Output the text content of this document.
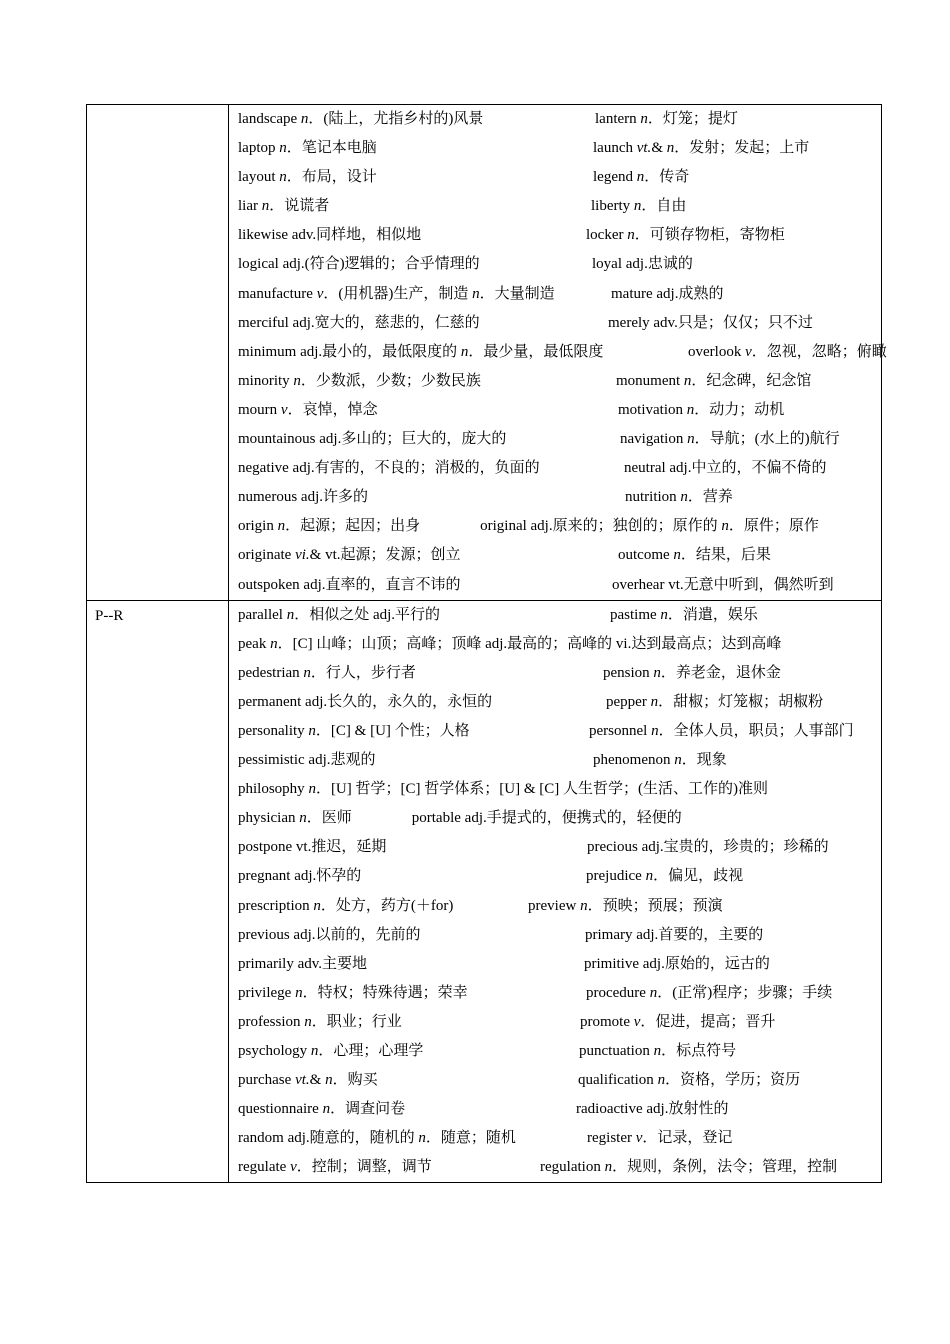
landscape n．(陆上，尤指乡村的)风景	lantern n．灯笼；提灯
laptop n．笔记本电脑	launch vt.& n．发射；发起；上市
layout n．布局，设计	legend n．传奇
liar n．说谎者	liberty n．自由
likewise adv.同样地，相似地	locker n．可锁存物柜，寄物柜
logical adj.(符合)逻辑的；合乎情理的	loyal adj.忠诚的
manufacture v．(用机器)生产，制造 n．大量制造	mature adj.成熟的
merciful adj.宽大的，慈悲的，仁慈的	merely adv.只是；仅仅；只不过
minimum adj.最小的，最低限度的 n．最少量，最低限度	overlook v．忽视，忽略；俯瞰
minority n．少数派，少数；少数民族	monument n．纪念碑，纪念馆
mourn v．哀悼，悼念	motivation n．动力；动机
mountainous adj.多山的；巨大的，庞大的	navigation n．导航；(水上的)航行
negative adj.有害的，不良的；消极的，负面的	neutral adj.中立的，不偏不倚的
numerous adj.许多的	nutrition n．营养
origin n．起源；起因；出身	original adj.原来的；独创的；原作的 n．原件；原作
originate vi.& vt.起源；发源；创立	outcome n．结果，后果
outspoken adj.直率的，直言不讳的	overhear vt.无意中听到，偶然听到
P--R	parallel n．相似之处 adj.平行的	pastime n．消遣，娱乐
peak n．[C] 山峰；山顶；高峰；顶峰 adj.最高的；高峰的 vi.达到最高点；达到高峰
pedestrian n．行人，步行者	pension n．养老金，退休金
permanent adj.长久的，永久的，永恒的	pepper n．甜椒；灯笼椒；胡椒粉
personality n．[C] & [U] 个性；人格	personnel n．全体人员，职员；人事部门
pessimistic adj.悲观的	phenomenon n．现象
philosophy n．[U] 哲学；[C] 哲学体系；[U] & [C] 人生哲学；(生活、工作的)准则
physician n．医师	portable adj.手提式的，便携式的，轻便的
postpone vt.推迟，延期	precious adj.宝贵的，珍贵的；珍稀的
pregnant adj.怀孕的	prejudice n．偏见，歧视
prescription n．处方，药方(＋for)	preview n．预映；预展；预演
previous adj.以前的，先前的	primary adj.首要的，主要的
primarily adv.主要地	primitive adj.原始的，远古的
privilege n．特权；特殊待遇；荣幸	procedure n．(正常)程序；步骤；手续
profession n．职业；行业	promote v．促进，提高；晋升
psychology n．心理；心理学	punctuation n．标点符号
purchase vt.& n．购买	qualification n．资格，学历；资历
questionnaire n．调查问卷	radioactive adj.放射性的
random adj.随意的，随机的 n．随意；随机	register v．记录，登记
regulate v．控制；调整，调节	regulation n．规则，条例，法令；管理，控制
